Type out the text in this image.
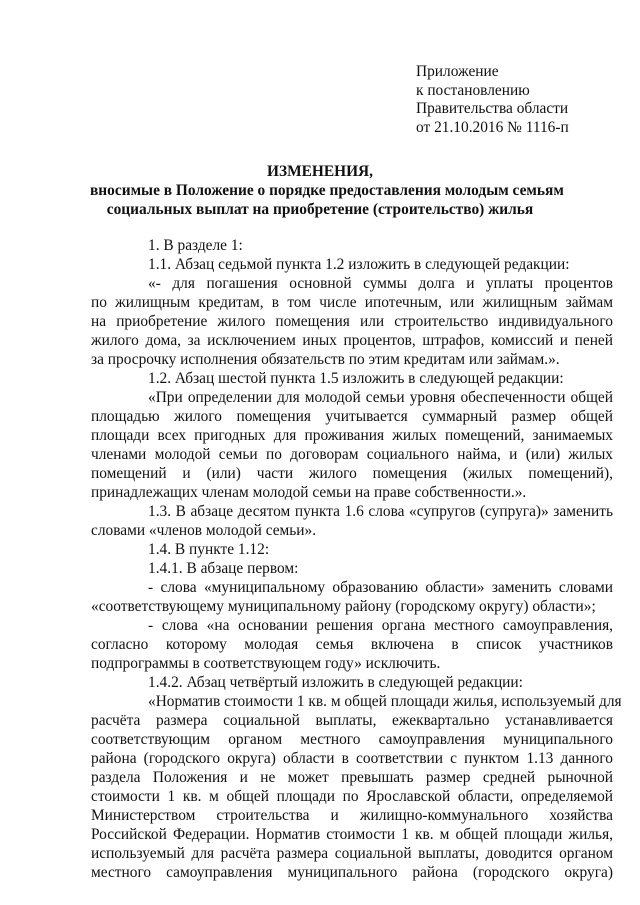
Приложение
к постановлению
Правительства области
от 21.10.2016 № 1116-п
ИЗМЕНЕНИЯ,
вносимые в Положение о порядке предоставления молодым семьям
социальных выплат на приобретение (строительство) жилья
1. В разделе 1:
1.1. Абзац седьмой пункта 1.2 изложить в следующей редакции:
«- для погашения основной суммы долга и уплаты процентов
по жилищным кредитам, в том числе ипотечным, или жилищным займам
на приобретение жилого помещения или строительство индивидуального
жилого дома, за исключением иных процентов, штрафов, комиссий и пеней
за просрочку исполнения обязательств по этим кредитам или займам.».
1.2. Абзац шестой пункта 1.5 изложить в следующей редакции:
«При определении для молодой семьи уровня обеспеченности общей
площадью жилого помещения учитывается суммарный размер общей
площади всех пригодных для проживания жилых помещений, занимаемых
членами молодой семьи по договорам социального найма, и (или) жилых
помещений и (или) части жилого помещения (жилых помещений),
принадлежащих членам молодой семьи на праве собственности.».
1.3. В абзаце десятом пункта 1.6 слова «супругов (супруга)» заменить
словами «членов молодой семьи».
1.4. В пункте 1.12:
1.4.1. В абзаце первом:
- слова «муниципальному образованию области» заменить словами
«соответствующему муниципальному району (городскому округу) области»;
- слова «на основании решения органа местного самоуправления,
согласно которому молодая семья включена в список участников
подпрограммы в соответствующем году» исключить.
1.4.2. Абзац четвёртый изложить в следующей редакции:
«Норматив стоимости 1 кв. м общей площади жилья, используемый для
расчёта размера социальной выплаты, ежеквартально устанавливается
соответствующим органом местного самоуправления муниципального
района (городского округа) области в соответствии с пунктом 1.13 данного
раздела Положения и не может превышать размер средней рыночной
стоимости 1 кв. м общей площади по Ярославской области, определяемой
Министерством строительства и жилищно-коммунального хозяйства
Российской Федерации. Норматив стоимости 1 кв. м общей площади жилья,
используемый для расчёта размера социальной выплаты, доводится органом
местного самоуправления муниципального района (городского округа)
